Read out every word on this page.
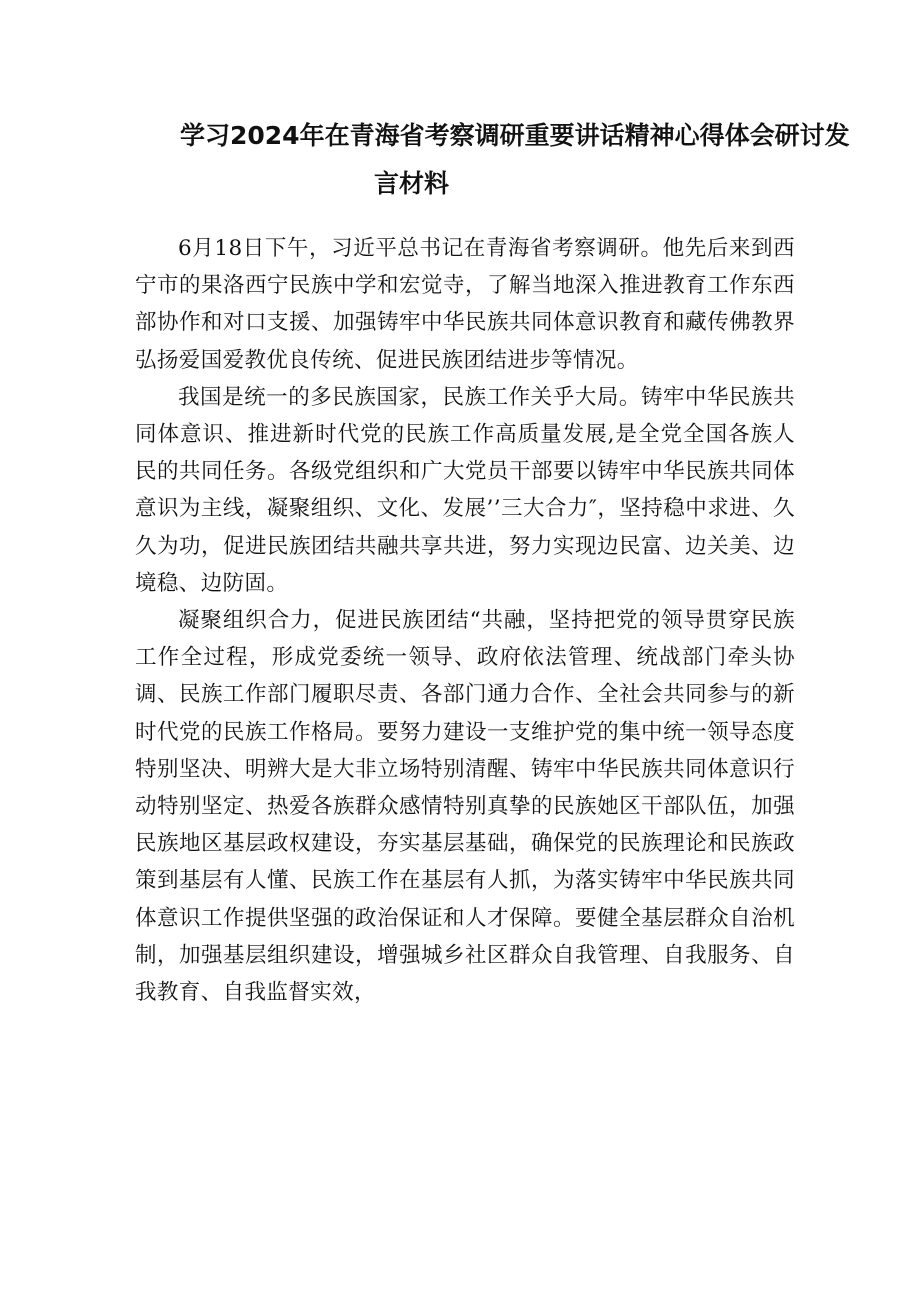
学习2024年在青海省考察调研重要讲话精神心得体会研讨发
言材料

6月18日下午，习近平总书记在青海省考察调研。他先后来到西宁市的果洛西宁民族中学和宏觉寺，了解当地深入推进教育工作东西部协作和对口支援、加强铸牢中华民族共同体意识教育和藏传佛教界弘扬爱国爱教优良传统、促进民族团结进步等情况。

我国是统一的多民族国家，民族工作关乎大局。铸牢中华民族共同体意识、推进新时代党的民族工作高质量发展,是全党全国各族人民的共同任务。各级党组织和广大党员干部要以铸牢中华民族共同体意识为主线，凝聚组织、文化、发展’’三大合力″，坚持稳中求进、久久为功，促进民族团结共融共享共进，努力实现边民富、边关美、边境稳、边防固。

凝聚组织合力，促进民族团结“共融，坚持把党的领导贯穿民族工作全过程，形成党委统一领导、政府依法管理、统战部门牵头协调、民族工作部门履职尽责、各部门通力合作、全社会共同参与的新时代党的民族工作格局。要努力建设一支维护党的集中统一领导态度特别坚决、明辨大是大非立场特别清醒、铸牢中华民族共同体意识行动特别坚定、热爱各族群众感情特别真挚的民族她区干部队伍，加强民族地区基层政权建设，夯实基层基础，确保党的民族理论和民族政策到基层有人懂、民族工作在基层有人抓，为落实铸牢中华民族共同体意识工作提供坚强的政治保证和人才保障。要健全基层群众自治机制，加强基层组织建设，增强城乡社区群众自我管理、自我服务、自我教育、自我监督实效，
